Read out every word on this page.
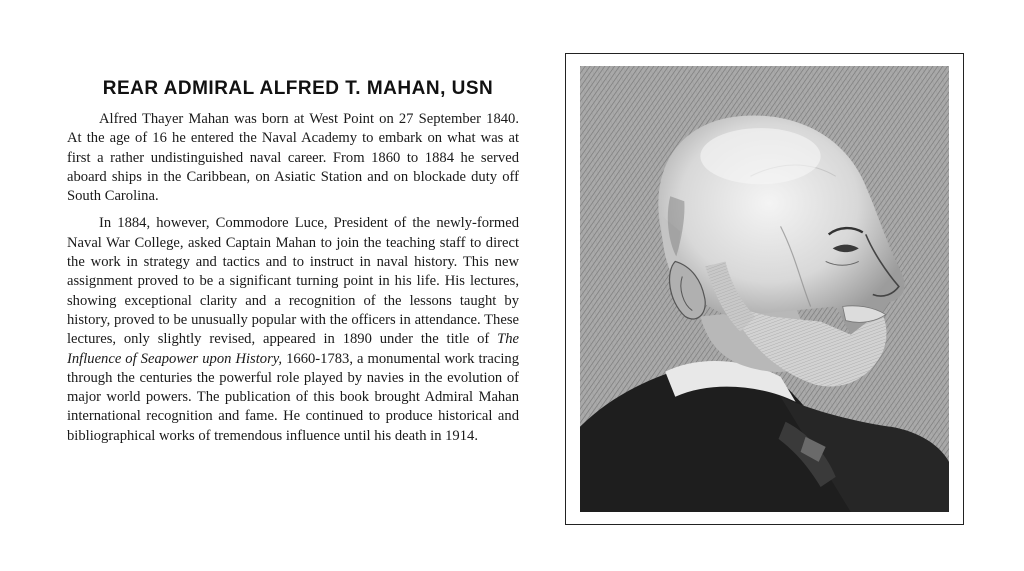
REAR ADMIRAL ALFRED T. MAHAN, USN

Alfred Thayer Mahan was born at West Point on 27 September 1840. At the age of 16 he entered the Naval Academy to embark on what was at first a rather undistinguished naval career. From 1860 to 1884 he served aboard ships in the Caribbean, on Asiatic Station and on blockade duty off South Carolina.

In 1884, however, Commodore Luce, President of the newly-formed Naval War College, asked Captain Mahan to join the teaching staff to direct the work in strategy and tactics and to instruct in naval history. This new assignment proved to be a significant turning point in his life. His lectures, showing exceptional clarity and a recognition of the lessons taught by history, proved to be unusually popular with the officers in attendance. These lectures, only slightly revised, appeared in 1890 under the title of The Influence of Seapower upon History, 1660-1783, a monumental work tracing through the centuries the powerful role played by navies in the evolution of major world powers. The publication of this book brought Admiral Mahan international recognition and fame. He continued to produce historical and bibliographical works of tremendous influence until his death in 1914.
